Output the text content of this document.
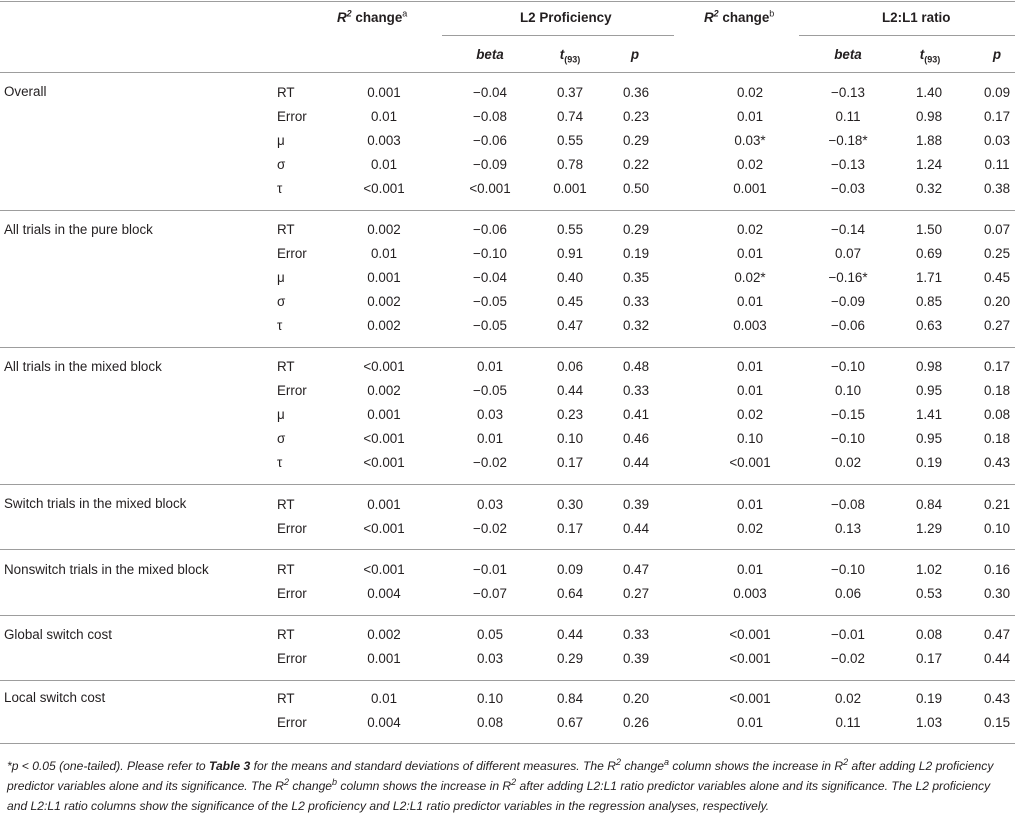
$R^2$ change$^a$	L2 Proficiency	$R^2$ change$^b$	L2:L1 ratio
beta	$t_{(93)}$	p	beta	$t_{(93)}$	p
Overall	RT	0.001	−0.04	0.37	0.36	0.02	−0.13	1.40	0.09
Error	0.01	−0.08	0.74	0.23	0.01	0.11	0.98	0.17
μ	0.003	−0.06	0.55	0.29	0.03*	−0.18*	1.88	0.03
σ	0.01	−0.09	0.78	0.22	0.02	−0.13	1.24	0.11
τ	<0.001	<0.001	0.001	0.50	0.001	−0.03	0.32	0.38
All trials in the pure block	RT	0.002	−0.06	0.55	0.29	0.02	−0.14	1.50	0.07
Error	0.01	−0.10	0.91	0.19	0.01	0.07	0.69	0.25
μ	0.001	−0.04	0.40	0.35	0.02*	−0.16*	1.71	0.45
σ	0.002	−0.05	0.45	0.33	0.01	−0.09	0.85	0.20
τ	0.002	−0.05	0.47	0.32	0.003	−0.06	0.63	0.27
All trials in the mixed block	RT	<0.001	0.01	0.06	0.48	0.01	−0.10	0.98	0.17
Error	0.002	−0.05	0.44	0.33	0.01	0.10	0.95	0.18
μ	0.001	0.03	0.23	0.41	0.02	−0.15	1.41	0.08
σ	<0.001	0.01	0.10	0.46	0.10	−0.10	0.95	0.18
τ	<0.001	−0.02	0.17	0.44	<0.001	0.02	0.19	0.43
Switch trials in the mixed block	RT	0.001	0.03	0.30	0.39	0.01	−0.08	0.84	0.21
Error	<0.001	−0.02	0.17	0.44	0.02	0.13	1.29	0.10
Nonswitch trials in the mixed block	RT	<0.001	−0.01	0.09	0.47	0.01	−0.10	1.02	0.16
Error	0.004	−0.07	0.64	0.27	0.003	0.06	0.53	0.30
Global switch cost	RT	0.002	0.05	0.44	0.33	<0.001	−0.01	0.08	0.47
Error	0.001	0.03	0.29	0.39	<0.001	−0.02	0.17	0.44
Local switch cost	RT	0.01	0.10	0.84	0.20	<0.001	0.02	0.19	0.43
Error	0.004	0.08	0.67	0.26	0.01	0.11	1.03	0.15
*p < 0.05 (one-tailed). Please refer to Table 3 for the means and standard deviations of different measures. The $R^2$ change$^a$ column shows the increase in $R^2$ after adding L2 proficiency predictor variables alone and its significance. The $R^2$ change$^b$ column shows the increase in $R^2$ after adding L2:L1 ratio predictor variables alone and its significance. The L2 proficiency and L2:L1 ratio columns show the significance of the L2 proficiency and L2:L1 ratio predictor variables in the regression analyses, respectively.
